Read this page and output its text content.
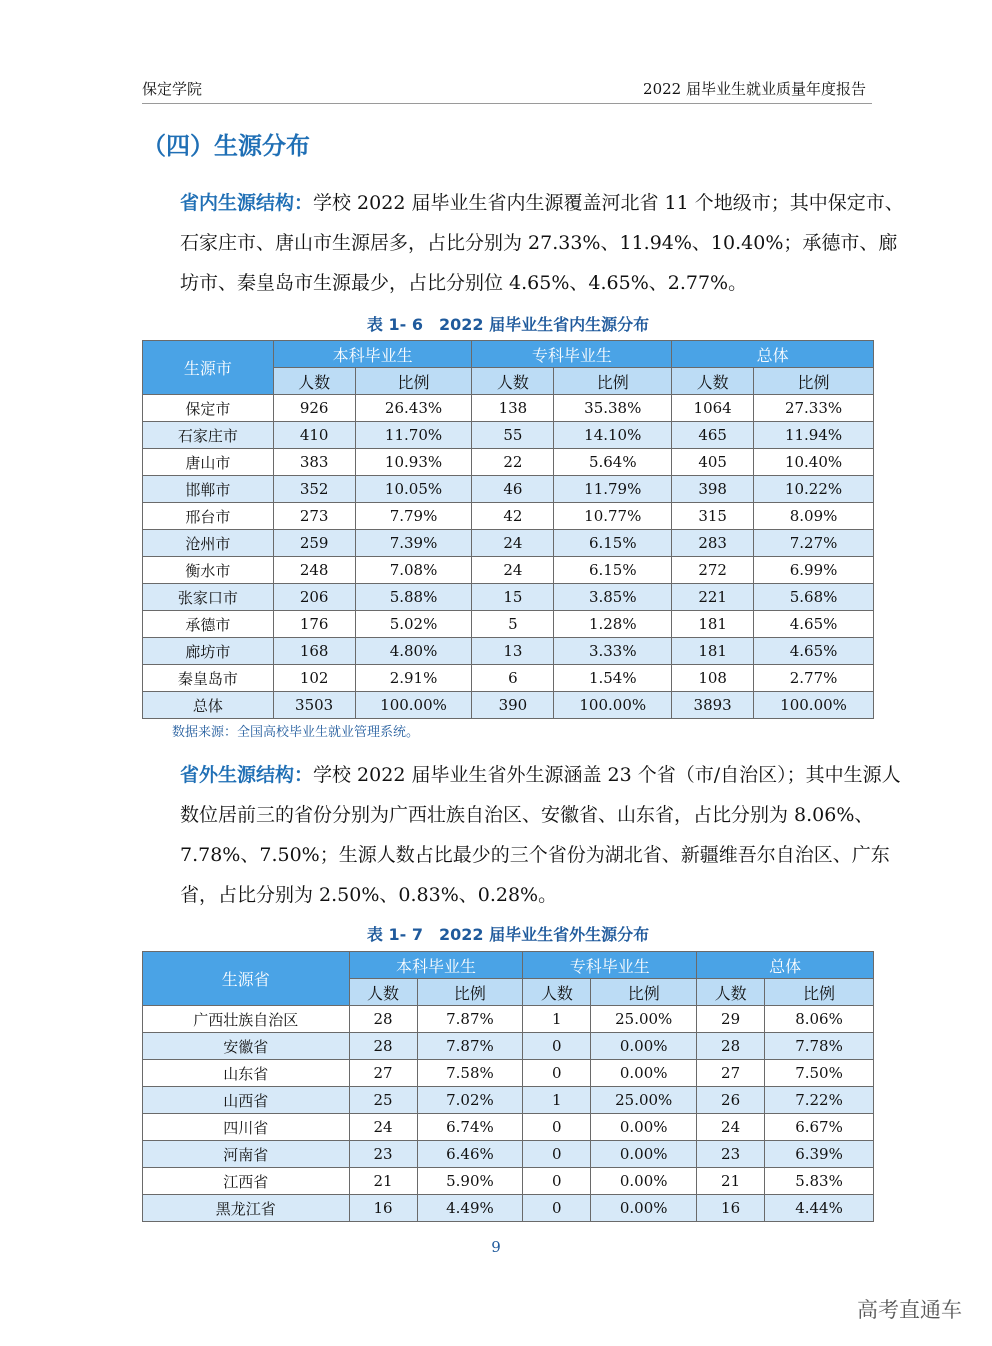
保定学院	2022 届毕业生就业质量年度报告
（四）生源分布

省内生源结构：学校 2022 届毕业生省内生源覆盖河北省 11 个地级市；其中保定市、石家庄市、唐山市生源居多，占比分别为 27.33%、11.94%、10.40%；承德市、廊坊市、秦皇岛市生源最少，占比分别位 4.65%、4.65%、2.77%。

表 1- 6　2022 届毕业生省内生源分布
生源市	本科毕业生		专科毕业生		总体	
	人数	比例	人数	比例	人数	比例
保定市	926	26.43%	138	35.38%	1064	27.33%
石家庄市	410	11.70%	55	14.10%	465	11.94%
唐山市	383	10.93%	22	5.64%	405	10.40%
邯郸市	352	10.05%	46	11.79%	398	10.22%
邢台市	273	7.79%	42	10.77%	315	8.09%
沧州市	259	7.39%	24	6.15%	283	7.27%
衡水市	248	7.08%	24	6.15%	272	6.99%
张家口市	206	5.88%	15	3.85%	221	5.68%
承德市	176	5.02%	5	1.28%	181	4.65%
廊坊市	168	4.80%	13	3.33%	181	4.65%
秦皇岛市	102	2.91%	6	1.54%	108	2.77%
总体	3503	100.00%	390	100.00%	3893	100.00%
数据来源：全国高校毕业生就业管理系统。

省外生源结构：学校 2022 届毕业生省外生源涵盖 23 个省（市/自治区）；其中生源人数位居前三的省份分别为广西壮族自治区、安徽省、山东省，占比分别为 8.06%、7.78%、7.50%；生源人数占比最少的三个省份为湖北省、新疆维吾尔自治区、广东省，占比分别为 2.50%、0.83%、0.28%。

表 1- 7　2022 届毕业生省外生源分布
生源省	本科毕业生		专科毕业生		总体	
	人数	比例	人数	比例	人数	比例
广西壮族自治区	28	7.87%	1	25.00%	29	8.06%
安徽省	28	7.87%	0	0.00%	28	7.78%
山东省	27	7.58%	0	0.00%	27	7.50%
山西省	25	7.02%	1	25.00%	26	7.22%
四川省	24	6.74%	0	0.00%	24	6.67%
河南省	23	6.46%	0	0.00%	23	6.39%
江西省	21	5.90%	0	0.00%	21	5.83%
黑龙江省	16	4.49%	0	0.00%	16	4.44%
9
高考直通车
